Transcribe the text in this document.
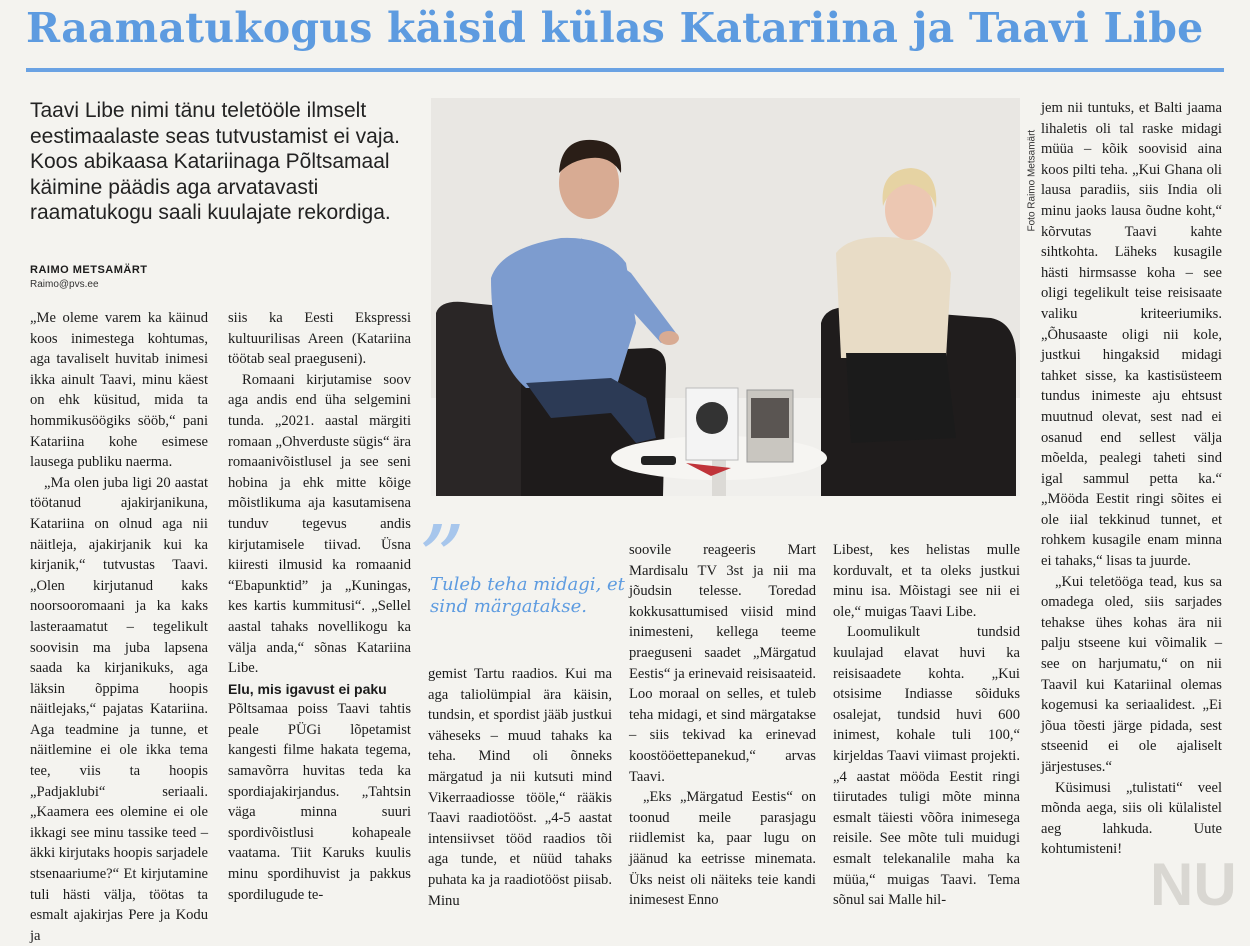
NU
Raamatukogus käisid külas Katariina ja Taavi Libe
Taavi Libe nimi tänu teletööle ilmselt eestimaalaste seas tutvustamist ei vaja. Koos abikaasa Katariinaga Põltsamaal käimine päädis aga arvatavasti raamatukogu saali kuulajate rekordiga.
RAIMO METSAMÄRT
Raimo@pvs.ee

„Me oleme varem ka käinud koos inimestega kohtumas, aga tavaliselt huvitab inimesi ikka ainult Taavi, minu käest on ehk küsitud, mida ta hommikusöögiks sööb,“ pani Katariina kohe esimese lausega publiku naerma.

„Ma olen juba ligi 20 aastat töötanud ajakirjanikuna, Katariina on olnud aga nii näitleja, ajakirjanik kui ka kirjanik,“ tutvustas Taavi. „Olen kirjutanud kaks noorsooromaani ja ka kaks lasteraamatut – tegelikult soovisin ma juba lapsena saada ka kirjanikuks, aga läksin õppima hoopis näitlejaks,“ pajatas Katariina. Aga teadmine ja tunne, et näitlemine ei ole ikka tema tee, viis ta hoopis „Padjaklubi“ seriaali. „Kaamera ees olemine ei ole ikkagi see minu tassike teed – äkki kirjutaks hoopis sarjadele stsenaariume?“ Et kirjutamine tuli hästi välja, töötas ta esmalt ajakirjas Pere ja Kodu ja

siis ka Eesti Ekspressi kultuurilisas Areen (Katariina töötab seal praeguseni).

Romaani kirjutamise soov aga andis end üha selgemini tunda. „2021. aastal märgiti romaan „Ohverduste sügis“ ära romaanivõistlusel ja see seni hobina ja ehk mitte kõige mõistlikuma aja kasutamisena tunduv tegevus andis kirjutamisele tiivad. Üsna kiiresti ilmusid ka romaanid “Ebapunktid” ja „Kuningas, kes kartis kummitusi“. „Sellel aastal tahaks novellikogu ka välja anda,“ sõnas Katariina Libe.

Elu, mis igavust ei paku

Põltsamaa poiss Taavi tahtis peale PÜGi lõpetamist kangesti filme hakata tegema, samavõrra huvitas teda ka spordiajakirjandus. „Tahtsin väga minna suuri spordivõistlusi kohapeale vaatama. Tiit Karuks kuulis minu spordihuvist ja pakkus spordilugude te-

Foto Raimo Metsamärt
”
Tuleb teha midagi, et sind märgatakse.

gemist Tartu raadios. Kui ma aga taliolümpial ära käisin, tundsin, et spordist jääb justkui väheseks – muud tahaks ka teha. Mind oli õnneks märgatud ja nii kutsuti mind Vikerraadiosse tööle,“ rääkis Taavi raadiotööst. „4-5 aastat intensiivset tööd raadios tõi aga tunde, et nüüd tahaks puhata ka ja raadiotööst piisab. Minu

soovile reageeris Mart Mardisalu TV 3st ja nii ma jõudsin telesse. Toredad kokkusattumised viisid mind inimesteni, kellega teeme praeguseni saadet „Märgatud Eestis“ ja erinevaid reisisaateid. Loo moraal on selles, et tuleb teha midagi, et sind märgatakse – siis tekivad ka erinevad koostööettepanekud,“ arvas Taavi.

„Eks „Märgatud Eestis“ on toonud meile parasjagu riidlemist ka, paar lugu on jäänud ka eetrisse minemata. Üks neist oli näiteks teie kandi inimesest Enno

Libest, kes helistas mulle korduvalt, et ta oleks justkui minu isa. Mõistagi see nii ei ole,“ muigas Taavi Libe.

Loomulikult tundsid kuulajad elavat huvi ka reisisaadete kohta. „Kui otsisime Indiasse sõiduks osalejat, tundsid huvi 600 inimest, kohale tuli 100,“ kirjeldas Taavi viimast projekti. „4 aastat mööda Eestit ringi tiirutades tuligi mõte minna esmalt täiesti võõra inimesega reisile. See mõte tuli muidugi esmalt telekanalile maha ka müüa,“ muigas Taavi. Tema sõnul sai Malle hil-

jem nii tuntuks, et Balti jaama lihaletis oli tal raske midagi müüa – kõik soovisid aina koos pilti teha. „Kui Ghana oli lausa paradiis, siis India oli minu jaoks lausa õudne koht,“ kõrvutas Taavi kahte sihtkohta. Läheks kusagile hästi hirmsasse koha – see oligi tegelikult teise reisisaate valiku kriteeriumiks. „Õhusaaste oligi nii kole, justkui hingaksid midagi tahket sisse, ka kastisüsteem tundus inimeste aju ehtsust muutnud olevat, sest nad ei osanud end sellest välja mõelda, pealegi taheti sind igal sammul petta ka.“ „Mööda Eestit ringi sõites ei ole iial tekkinud tunnet, et rohkem kusagile enam minna ei tahaks,“ lisas ta juurde.

„Kui teletööga tead, kus sa omadega oled, siis sarjades tehakse ühes kohas ära nii palju stseene kui võimalik – see on harjumatu,“ on nii Taavil kui Katariinal olemas kogemusi ka seriaalidest. „Ei jõua tõesti järge pidada, sest stseenid ei ole ajaliselt järjestuses.“

Küsimusi „tulistati“ veel mõnda aega, siis oli külalistel aeg lahkuda. Uute kohtumisteni!
